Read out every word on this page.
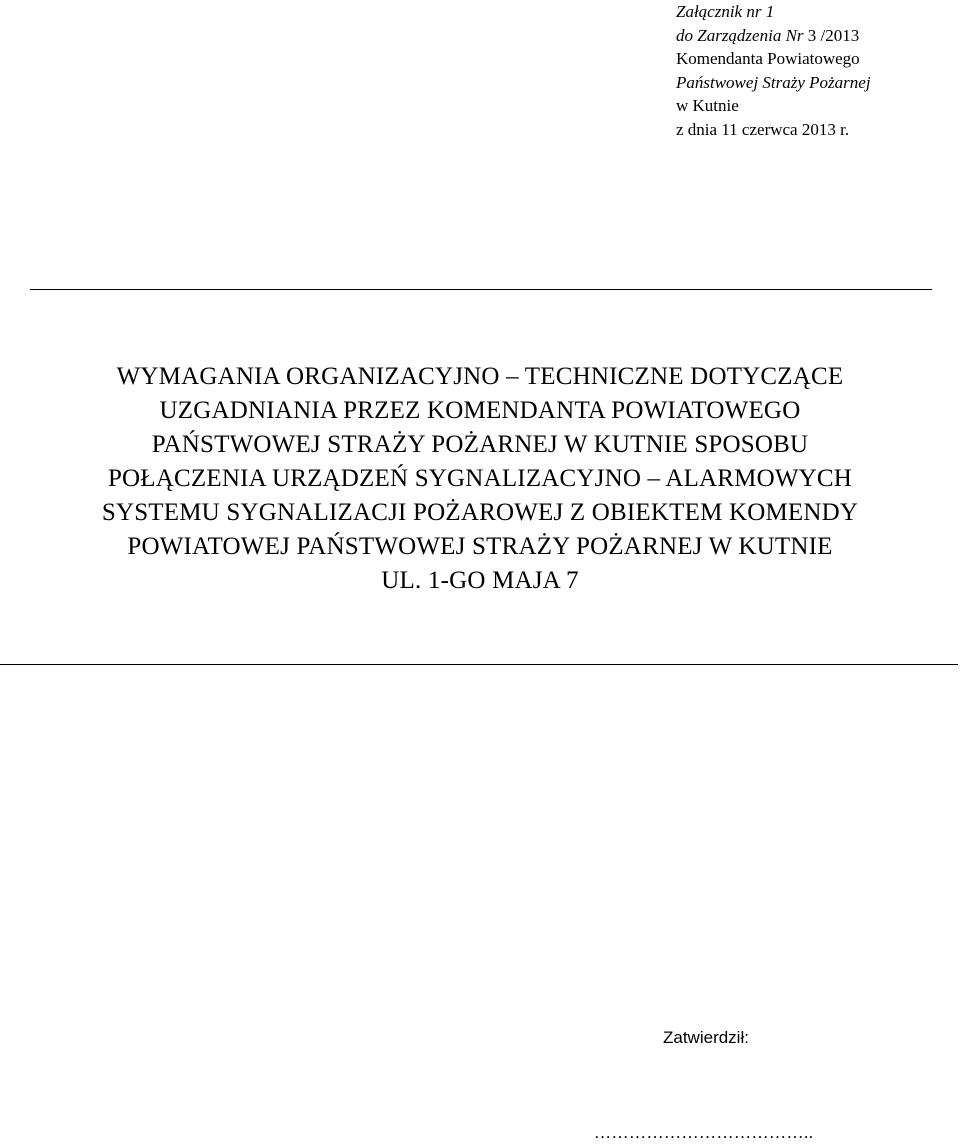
Załącznik nr 1
do Zarządzenia Nr 3 /2013
Komendanta Powiatowego
Państwowej Straży Pożarnej
w Kutnie
z dnia 11 czerwca 2013 r.
WYMAGANIA ORGANIZACYJNO – TECHNICZNE DOTYCZĄCE
UZGADNIANIA PRZEZ KOMENDANTA POWIATOWEGO
PAŃSTWOWEJ STRAŻY POŻARNEJ W KUTNIE SPOSOBU
POŁĄCZENIA URZĄDZEŃ SYGNALIZACYJNO – ALARMOWYCH
SYSTEMU SYGNALIZACJI POŻAROWEJ Z OBIEKTEM KOMENDY
POWIATOWEJ PAŃSTWOWEJ STRAŻY POŻARNEJ W KUTNIE
UL. 1-GO MAJA 7
Zatwierdził:
………………………………..
